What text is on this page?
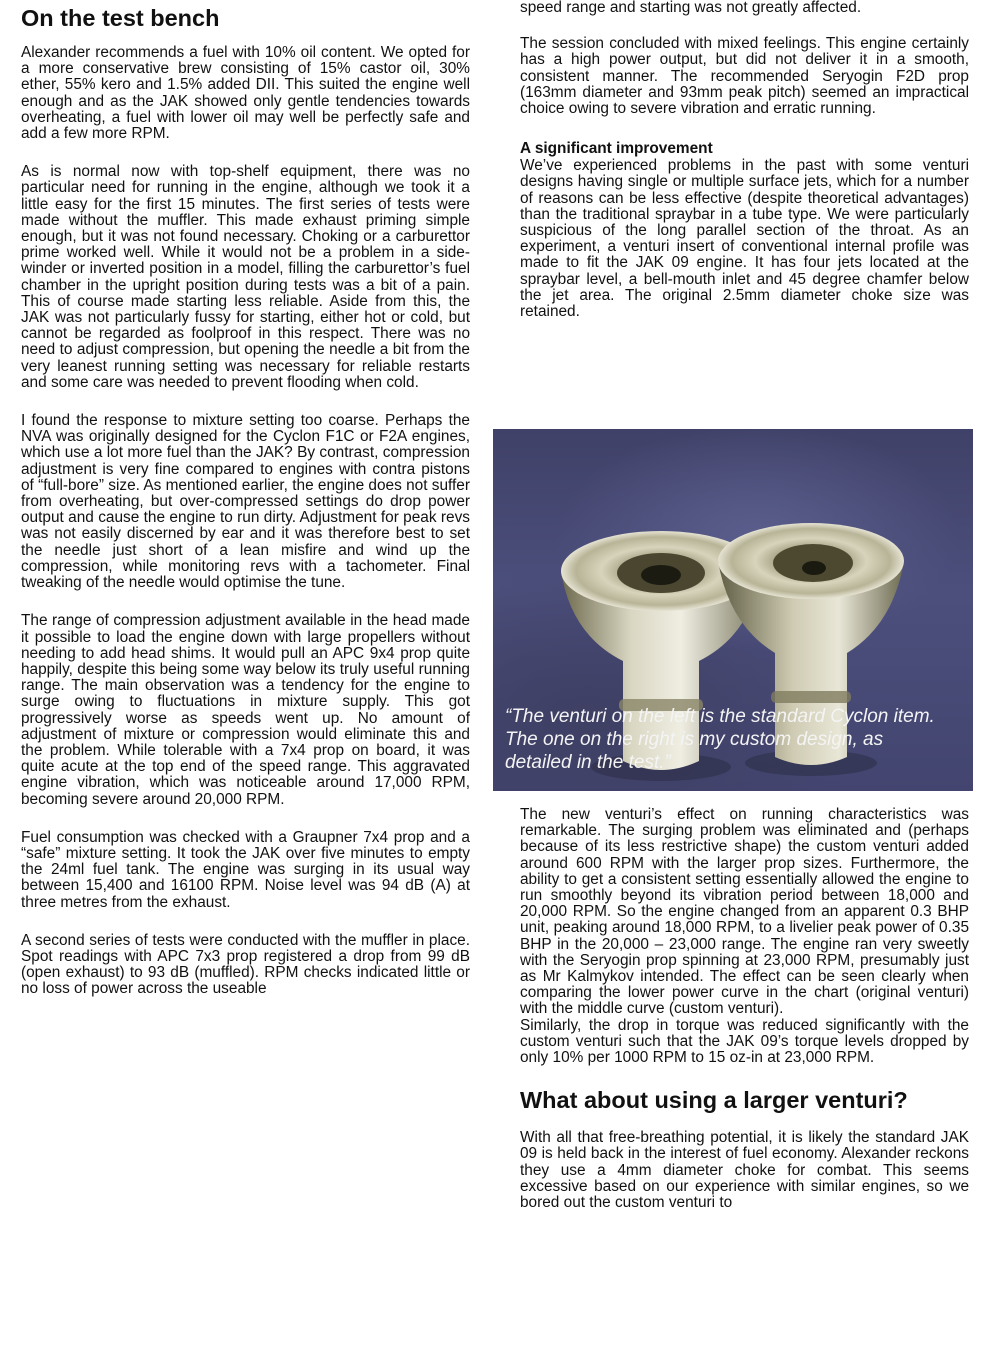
On the test bench

Alexander recommends a fuel with 10% oil content. We opted for a more conservative brew consisting of 15% castor oil, 30% ether, 55% kero and 1.5% added DII. This suited the engine well enough and as the JAK showed only gentle tendencies towards overheating, a fuel with lower oil may well be perfectly safe and add a few more RPM.

As is normal now with top-shelf equipment, there was no particular need for running in the engine, although we took it a little easy for the first 15 minutes. The first series of tests were made without the muffler. This made exhaust priming simple enough, but it was not found necessary. Choking or a carburettor prime worked well. While it would not be a problem in a side-winder or inverted position in a model, filling the carburettor’s fuel chamber in the upright position during tests was a bit of a pain. This of course made starting less reliable. Aside from this, the JAK was not particularly fussy for starting, either hot or cold, but cannot be regarded as foolproof in this respect. There was no need to adjust compression, but opening the needle a bit from the very leanest running setting was necessary for reliable restarts and some care was needed to prevent flooding when cold.

I found the response to mixture setting too coarse. Perhaps the NVA was originally designed for the Cyclon F1C or F2A engines, which use a lot more fuel than the JAK? By contrast, compression adjustment is very fine compared to engines with contra pistons of “full-bore” size. As mentioned earlier, the engine does not suffer from overheating, but over-compressed settings do drop power output and cause the engine to run dirty. Adjustment for peak revs was not easily discerned by ear and it was therefore best to set the needle just short of a lean misfire and wind up the compression, while monitoring revs with a tachometer. Final tweaking of the needle would optimise the tune.

The range of compression adjustment available in the head made it possible to load the engine down with large propellers without needing to add head shims. It would pull an APC 9x4 prop quite happily, despite this being some way below its truly useful running range. The main observation was a tendency for the engine to surge owing to fluctuations in mixture supply. This got progressively worse as speeds went up. No amount of adjustment of mixture or compression would eliminate this and the problem. While tolerable with a 7x4 prop on board, it was quite acute at the top end of the speed range. This aggravated engine vibration, which was noticeable around 17,000 RPM, becoming severe around 20,000 RPM.

Fuel consumption was checked with a Graupner 7x4 prop and a “safe” mixture setting. It took the JAK over five minutes to empty the 24ml fuel tank. The engine was surging in its usual way between 15,400 and 16100 RPM. Noise level was 94 dB (A) at three metres from the exhaust.

A second series of tests were conducted with the muffler in place. Spot readings with APC 7x3 prop registered a drop from 99 dB (open exhaust) to 93 dB (muffled). RPM checks indicated little or no loss of power across the useable

speed range and starting was not greatly affected.

The session concluded with mixed feelings. This engine certainly has a high power output, but did not deliver it in a smooth, consistent manner. The recommended Seryogin F2D prop (163mm diameter and 93mm peak pitch) seemed an impractical choice owing to severe vibration and erratic running.

A significant improvement

We’ve experienced problems in the past with some venturi designs having single or multiple surface jets, which for a number of reasons can be less effective (despite theoretical advantages) than the traditional spraybar in a tube type. We were particularly suspicious of the long parallel section of the throat. As an experiment, a venturi insert of conventional internal profile was made to fit the JAK 09 engine. It has four jets located at the spraybar level, a bell-mouth inlet and 45 degree chamfer below the jet area. The original 2.5mm diameter choke size was retained.

“The venturi on the left is the standard Cyclon item.
The one on the right is my custom design, as
detailed in the test.”

The new venturi’s effect on running characteristics was remarkable. The surging problem was eliminated and (perhaps because of its less restrictive shape) the custom venturi added around 600 RPM with the larger prop sizes. Furthermore, the ability to get a consistent setting essentially allowed the engine to run smoothly beyond its vibration period between 18,000 and 20,000 RPM. So the engine changed from an apparent 0.3 BHP unit, peaking around 18,000 RPM, to a livelier peak power of 0.35 BHP in the 20,000 – 23,000 range. The engine ran very sweetly with the Seryogin prop spinning at 23,000 RPM, presumably just as Mr Kalmykov intended. The effect can be seen clearly when comparing the lower power curve in the chart (original venturi) with the middle curve (custom venturi).

Similarly, the drop in torque was reduced significantly with the custom venturi such that the JAK 09’s torque levels dropped by only 10% per 1000 RPM to 15 oz-in at 23,000 RPM.

What about using a larger venturi?

With all that free-breathing potential, it is likely the standard JAK 09 is held back in the interest of fuel economy. Alexander reckons they use a 4mm diameter choke for combat. This seems excessive based on our experience with similar engines, so we bored out the custom venturi to
